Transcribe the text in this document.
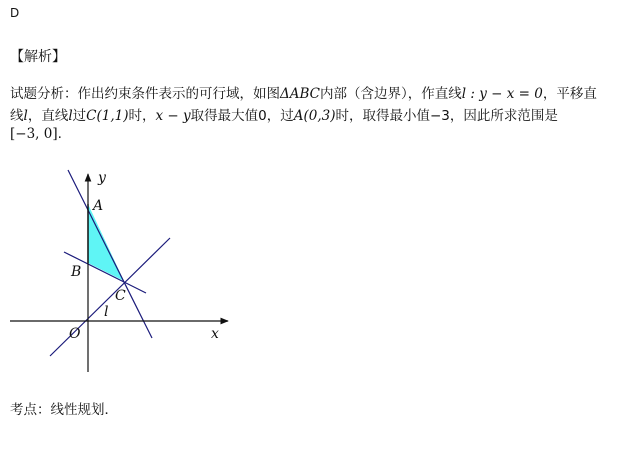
D
【解析】
试题分析：作出约束条件表示的可行域，如图ΔABC内部（含边界），作直线l : y − x = 0，平移直
线l，直线l过C(1,1)时，x − y取得最大值0，过A(0,3)时，取得最小值−3，因此所求范围是
[−3, 0].
y
x
O
A
B
C
l
考点：线性规划．
